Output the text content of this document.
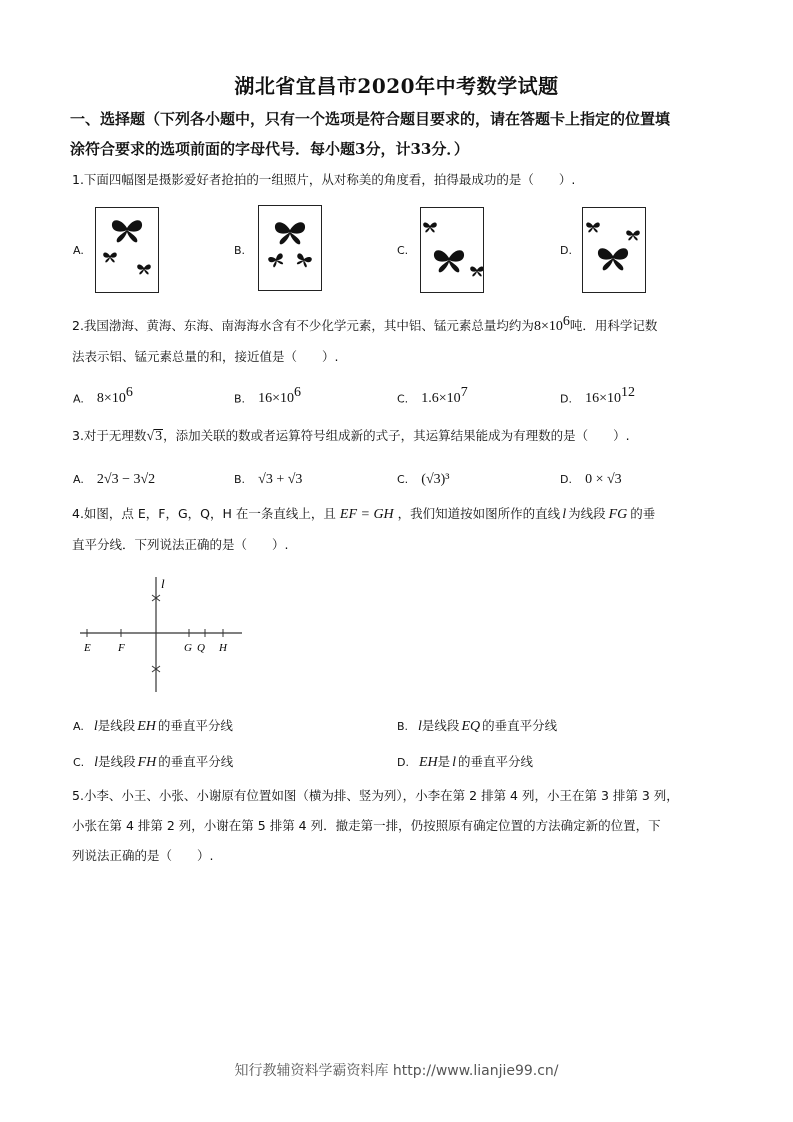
湖北省宜昌市2020年中考数学试题
一、选择题（下列各小题中，只有一个选项是符合题目要求的，请在答题卡上指定的位置填
涂符合要求的选项前面的字母代号．每小题3分，计33分．）
1.下面四幅图是摄影爱好者抢拍的一组照片，从对称美的角度看，拍得最成功的是（　　）.
A.	B.	C.	D.
2.我国渤海、黄海、东海、南海海水含有不少化学元素，其中铝、锰元素总量均约为$8\times 10^6$吨．用科学记数
法表示铝、锰元素总量的和，接近值是（　　）.
A. $8\times 10^6$	B. $16\times 10^6$	C. $1.6\times 10^7$	D. $16\times 10^{12}$
3.对于无理数√3，添加关联的数或者运算符号组成新的式子，其运算结果能成为有理数的是（　　）.
A. 2√3 − 3√2	B. √3 + √3	C. (√3)³	D. 0 × √3
4.如图，点 E，F，G，Q，H 在一条直线上，且 EF = GH ，我们知道按如图所作的直线 l 为线段 FG 的垂
直平分线．下列说法正确的是（　　）.
l
E F	G Q H
A. l是线段 EH 的垂直平分线	B. l是线段 EQ 的垂直平分线
C. l是线段 FH 的垂直平分线	D. EH是 l 的垂直平分线
5.小李、小王、小张、小谢原有位置如图（横为排、竖为列），小李在第 2 排第 4 列，小王在第 3 排第 3 列，
小张在第 4 排第 2 列，小谢在第 5 排第 4 列．撤走第一排，仍按照原有确定位置的方法确定新的位置，下
列说法正确的是（　　）.
知行教辅资料学霸资料库 http://www.lianjie99.cn/
